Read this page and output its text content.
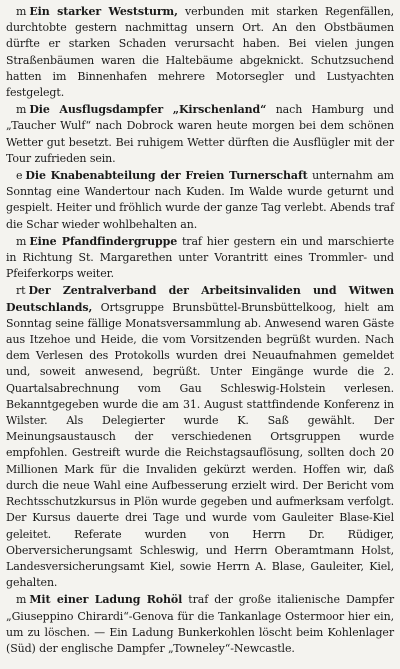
m Ein starker Weststurm, verbunden mit starken Regenfällen, durchtobte gestern nachmittag unsern Ort. An den Obstbäumen dürfte er starken Schaden verursacht haben. Bei vielen jungen Straßenbäumen waren die Haltebäume abgeknickt. Schutzsuchend hatten im Binnenhafen mehrere Motorsegler und Lustyachten festgelegt.

m Die Ausflugsdampfer „Kirschenland“ nach Hamburg und „Taucher Wulf“ nach Dobrock waren heute morgen bei dem schönen Wetter gut besetzt. Bei ruhigem Wetter dürften die Ausflügler mit der Tour zufrieden sein.

e Die Knabenabteilung der Freien Turnerschaft unternahm am Sonntag eine Wandertour nach Kuden. Im Walde wurde geturnt und gespielt. Heiter und fröhlich wurde der ganze Tag verlebt. Abends traf die Schar wieder wohlbehalten an.

m Eine Pfandfindergruppe traf hier gestern ein und marschierte in Richtung St. Margarethen unter Vorantritt eines Trommler- und Pfeiferkorps weiter.

rt Der Zentralverband der Arbeitsinvaliden und Witwen Deutschlands, Ortsgruppe Brunsbüttel-Brunsbüttelkoog, hielt am Sonntag seine fällige Monatsversammlung ab. Anwesend waren Gäste aus Itzehoe und Heide, die vom Vorsitzenden begrüßt wurden. Nach dem Verlesen des Protokolls wurden drei Neuaufnahmen gemeldet und, soweit anwesend, begrüßt. Unter Eingänge wurde die 2. Quartalsabrechnung vom Gau Schleswig-Holstein verlesen. Bekanntgegeben wurde die am 31. August stattfindende Konferenz in Wilster. Als Delegierter wurde K. Saß gewählt. Der Meinungsaustausch der verschiedenen Ortsgruppen wurde empfohlen. Gestreift wurde die Reichstagsauflösung, sollten doch 20 Millionen Mark für die Invaliden gekürzt werden. Hoffen wir, daß durch die neue Wahl eine Aufbesserung erzielt wird. Der Bericht vom Rechtsschutzkursus in Plön wurde gegeben und aufmerksam verfolgt. Der Kursus dauerte drei Tage und wurde vom Gauleiter Blase-Kiel geleitet. Referate wurden von Herrn Dr. Rüdiger, Oberversicherungsamt Schleswig, und Herrn Oberamtmann Holst, Landesversicherungsamt Kiel, sowie Herrn A. Blase, Gauleiter, Kiel, gehalten.

m Mit einer Ladung Rohöl traf der große italienische Dampfer „Giuseppino Chirardi“-Genova für die Tankanlage Ostermoor hier ein, um zu löschen. — Ein Ladung Bunkerkohlen löscht beim Kohlenlager (Süd) der englische Dampfer „Towneley“-Newcastle.
